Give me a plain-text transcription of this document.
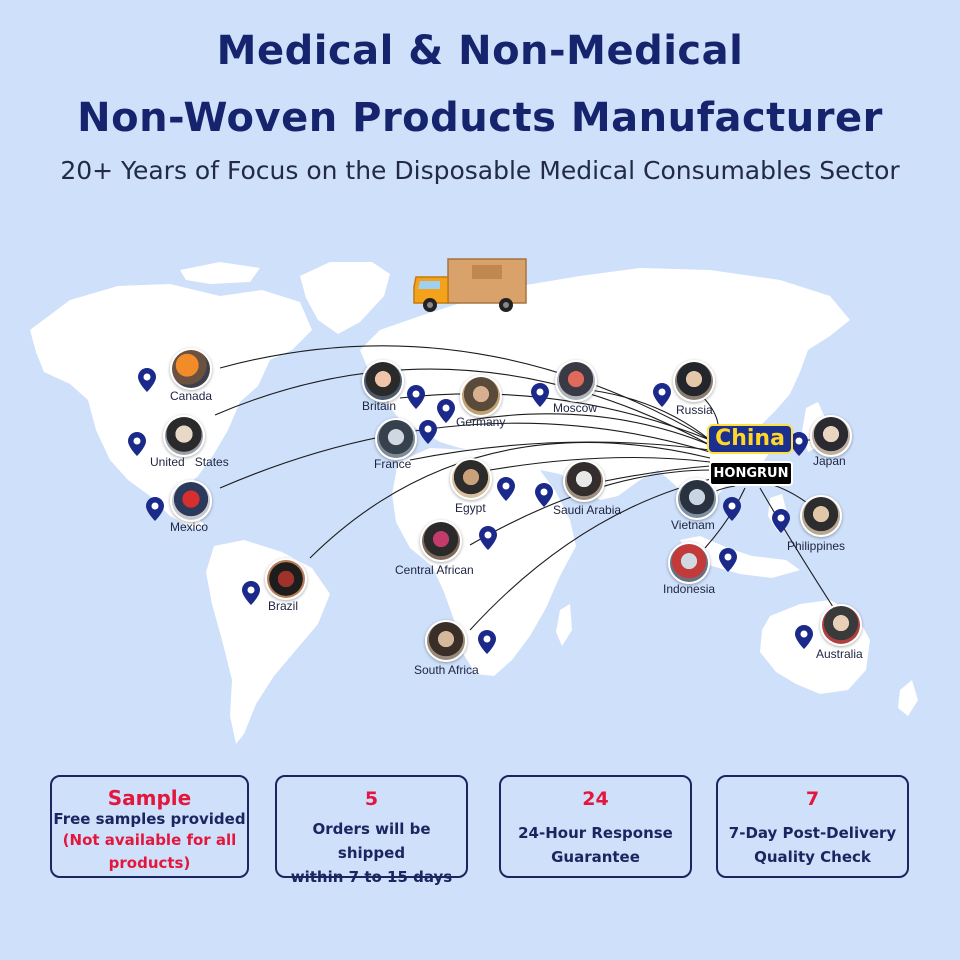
Medical & Non-Medical
Non-Woven Products Manufacturer
20+ Years of Focus on the Disposable Medical Consumables Sector
Canada
United   States
Mexico
Brazil
Britain
Germany
France
Moscow	Russia
Egypt	Saudi Arabia
Central African
South Africa
Japan
Vietnam
Philippines
Indonesia
Australia
China
HONGRUN
Sample
Free samples provided
(Not available for all products)
5
Orders will be shipped
within 7 to 15 days
24
24-Hour Response
Guarantee
7
7-Day Post-Delivery
Quality Check
